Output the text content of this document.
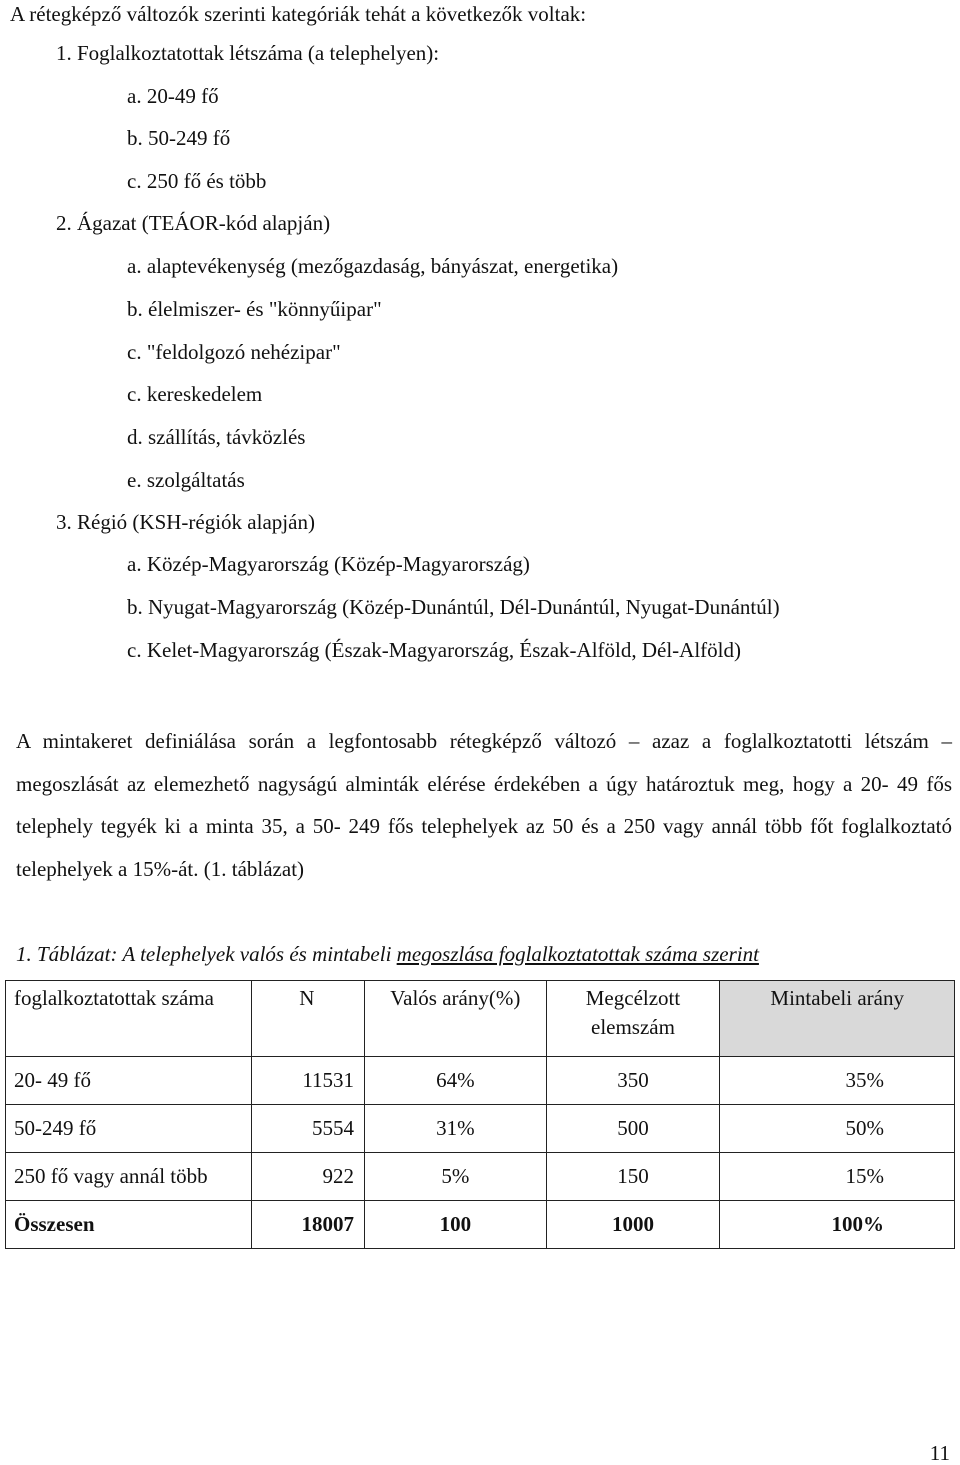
A rétegképző változók szerinti kategóriák tehát a következők voltak:
1. Foglalkoztatottak létszáma (a telephelyen):
a. 20-49 fő
b. 50-249 fő
c. 250 fő és több
2. Ágazat (TEÁOR-kód alapján)
a. alaptevékenység (mezőgazdaság, bányászat, energetika)
b. élelmiszer- és "könnyűipar"
c. "feldolgozó nehézipar"
c. kereskedelem
d. szállítás, távközlés
e. szolgáltatás
3. Régió (KSH-régiók alapján)
a. Közép-Magyarország (Közép-Magyarország)
b. Nyugat-Magyarország (Közép-Dunántúl, Dél-Dunántúl, Nyugat-Dunántúl)
c. Kelet-Magyarország (Észak-Magyarország, Észak-Alföld, Dél-Alföld)
A mintakeret definiálása során a legfontosabb rétegképző változó – azaz a foglalkoztatotti létszám – megoszlását az elemezhető nagyságú alminták elérése érdekében a úgy határoztuk meg, hogy a 20- 49 fős telephely tegyék ki a minta 35, a 50- 249 fős telephelyek az 50 és a 250 vagy annál több főt foglalkoztató telephelyek a 15%-át. (1. táblázat)
1. Táblázat: A telephelyek valós és mintabeli megoszlása foglalkoztatottak száma szerint
foglalkoztatottak száma	N	Valós arány(%)	Megcélzott elemszám	Mintabeli arány
20- 49 fő	11531	64%	350	35%
50-249 fő	5554	31%	500	50%
250 fő vagy annál több	922	5%	150	15%
Összesen	18007	100	1000	100%
11
